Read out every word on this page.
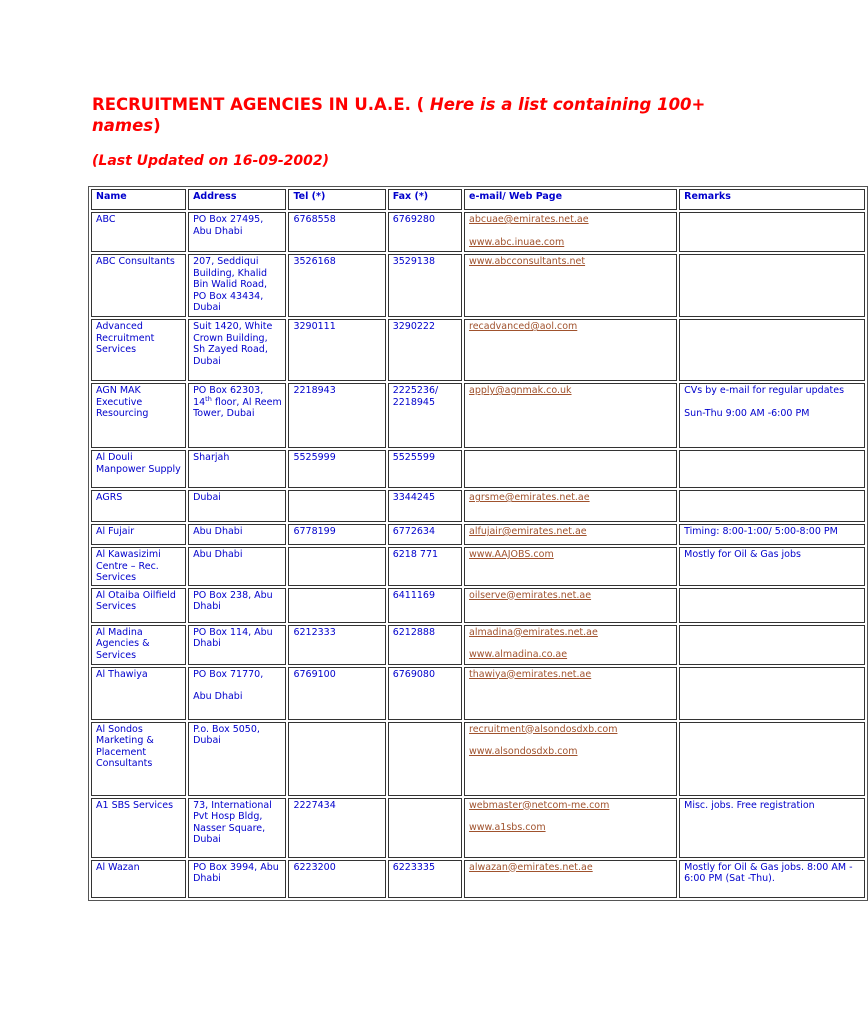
RECRUITMENT AGENCIES IN U.A.E. ( Here is a list containing 100+ names)

(Last Updated on 16-09-2002)

Name	Address	Tel (*)	Fax (*)	e-mail/ Web Page	Remarks
ABC	PO Box 27495, Abu Dhabi	6768558	6769280	abcuae@emirates.net.ae
www.abc.inuae.com	

ABC Consultants	207, Seddiqui Building, Khalid Bin Walid Road, PO Box 43434, Dubai	3526168	3529138	www.abcconsultants.net	

Advanced Recruitment Services	Suit 1420, White Crown Building, Sh Zayed Road, Dubai	3290111	3290222	recadvanced@aol.com	

AGN MAK Executive Resourcing	PO Box 62303, 14th floor, Al Reem Tower, Dubai	2218943	2225236/ 2218945	apply@agnmak.co.uk	CVs by e-mail for regular updates
Sun-Thu 9:00 AM -6:00 PM

Al Douli Manpower Supply	Sharjah	5525999	5525599		
AGRS	Dubai		3344245	agrsme@emirates.net.ae	

Al Fujair	Abu Dhabi	6778199	6772634	alfujair@emirates.net.ae	Timing: 8:00-1:00/ 5:00-8:00 PM
Al Kawasizimi Centre – Rec. Services	Abu Dhabi		6218 771	www.AAJOBS.com	Mostly for Oil & Gas jobs
Al Otaiba Oilfield Services	PO Box 238, Abu Dhabi		6411169	oilserve@emirates.net.ae	

Al Madina Agencies & Services	PO Box 114, Abu Dhabi	6212333	6212888	almadina@emirates.net.ae
www.almadina.co.ae	

Al Thawiya	PO Box 71770,
Abu Dhabi	6769100	6769080	thawiya@emirates.net.ae	

Al Sondos Marketing & Placement Consultants	P.o. Box 5050, Dubai			recruitment@alsondosdxb.com
www.alsondosdxb.com	

A1 SBS Services	73, International Pvt Hosp Bldg, Nasser Square, Dubai	2227434		webmaster@netcom-me.com
www.a1sbs.com	Misc. jobs. Free registration
Al Wazan	PO Box 3994, Abu Dhabi	6223200	6223335	alwazan@emirates.net.ae	Mostly for Oil & Gas jobs. 8:00 AM - 6:00 PM (Sat -Thu).
